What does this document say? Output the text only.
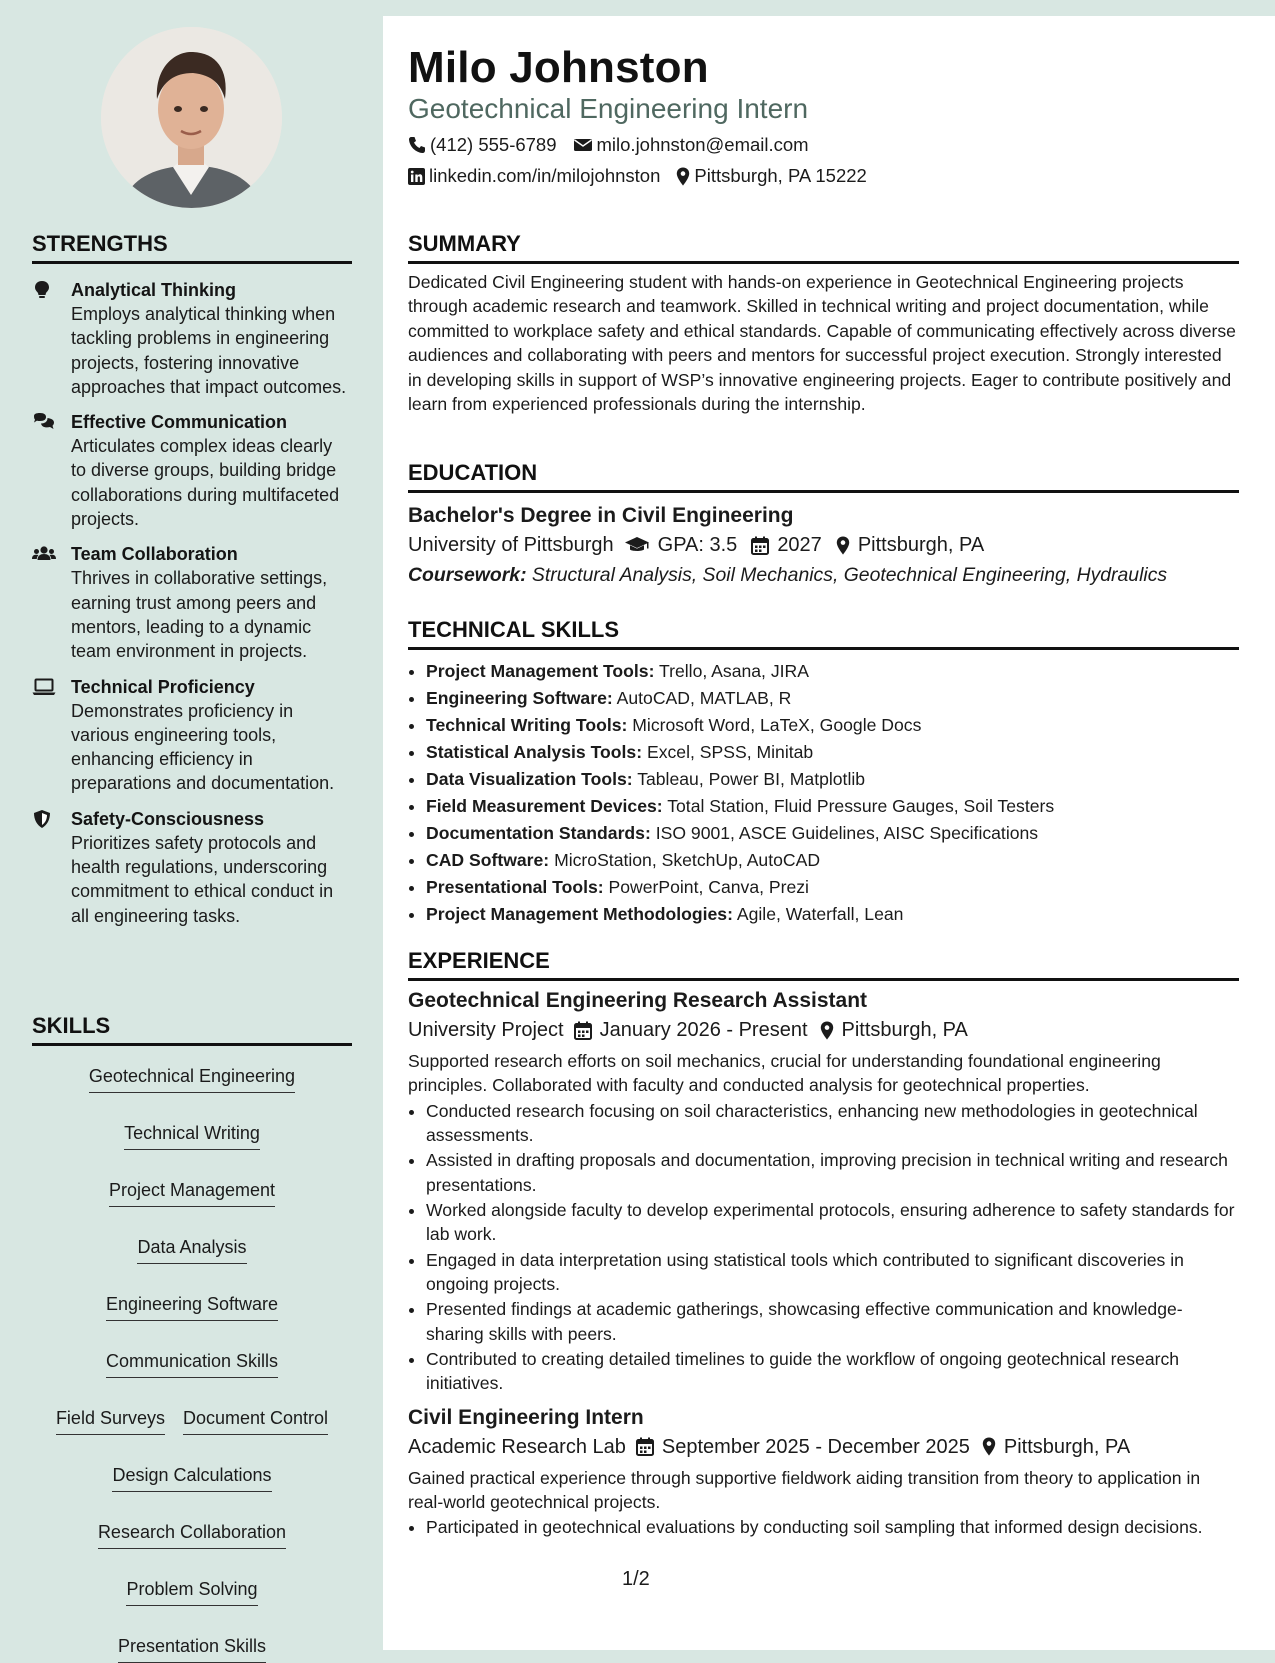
STRENGTHS
Analytical Thinking
Employs analytical thinking when tackling problems in engineering projects, fostering innovative approaches that impact outcomes.
Effective Communication
Articulates complex ideas clearly to diverse groups, building bridge collaborations during multifaceted projects.
Team Collaboration
Thrives in collaborative settings, earning trust among peers and mentors, leading to a dynamic team environment in projects.
Technical Proficiency
Demonstrates proficiency in various engineering tools, enhancing efficiency in preparations and documentation.
Safety-Consciousness
Prioritizes safety protocols and health regulations, underscoring commitment to ethical conduct in all engineering tasks.
SKILLS
Geotechnical Engineering
Technical Writing
Project Management
Data Analysis
Engineering Software
Communication Skills
Field Surveys Document Control
Design Calculations
Research Collaboration
Problem Solving
Presentation Skills
Milo Johnston
Geotechnical Engineering Intern
(412) 555-6789 milo.johnston@email.com
linkedin.com/in/milojohnston Pittsburgh, PA 15222
SUMMARY

Dedicated Civil Engineering student with hands-on experience in Geotechnical Engineering projects through academic research and teamwork. Skilled in technical writing and project documentation, while committed to workplace safety and ethical standards. Capable of communicating effectively across diverse audiences and collaborating with peers and mentors for successful project execution. Strongly interested in developing skills in support of WSP’s innovative engineering projects. Eager to contribute positively and learn from experienced professionals during the internship.

EDUCATION
Bachelor's Degree in Civil Engineering
University of Pittsburgh GPA: 3.5 2027 Pittsburgh, PA
Coursework: Structural Analysis, Soil Mechanics, Geotechnical Engineering, Hydraulics
TECHNICAL SKILLS
• Project Management Tools: Trello, Asana, JIRA
• Engineering Software: AutoCAD, MATLAB, R
• Technical Writing Tools: Microsoft Word, LaTeX, Google Docs
• Statistical Analysis Tools: Excel, SPSS, Minitab
• Data Visualization Tools: Tableau, Power BI, Matplotlib
• Field Measurement Devices: Total Station, Fluid Pressure Gauges, Soil Testers
• Documentation Standards: ISO 9001, ASCE Guidelines, AISC Specifications
• CAD Software: MicroStation, SketchUp, AutoCAD
• Presentational Tools: PowerPoint, Canva, Prezi
• Project Management Methodologies: Agile, Waterfall, Lean
EXPERIENCE
Geotechnical Engineering Research Assistant
University Project January 2026 - Present Pittsburgh, PA

Supported research efforts on soil mechanics, crucial for understanding foundational engineering principles. Collaborated with faculty and conducted analysis for geotechnical properties.

• Conducted research focusing on soil characteristics, enhancing new methodologies in geotechnical assessments.
• Assisted in drafting proposals and documentation, improving precision in technical writing and research presentations.
• Worked alongside faculty to develop experimental protocols, ensuring adherence to safety standards for lab work.
• Engaged in data interpretation using statistical tools which contributed to significant discoveries in ongoing projects.
• Presented findings at academic gatherings, showcasing effective communication and knowledge-sharing skills with peers.
• Contributed to creating detailed timelines to guide the workflow of ongoing geotechnical research initiatives.
Civil Engineering Intern
Academic Research Lab September 2025 - December 2025 Pittsburgh, PA

Gained practical experience through supportive fieldwork aiding transition from theory to application in real-world geotechnical projects.

• Participated in geotechnical evaluations by conducting soil sampling that informed design decisions.
1/2
